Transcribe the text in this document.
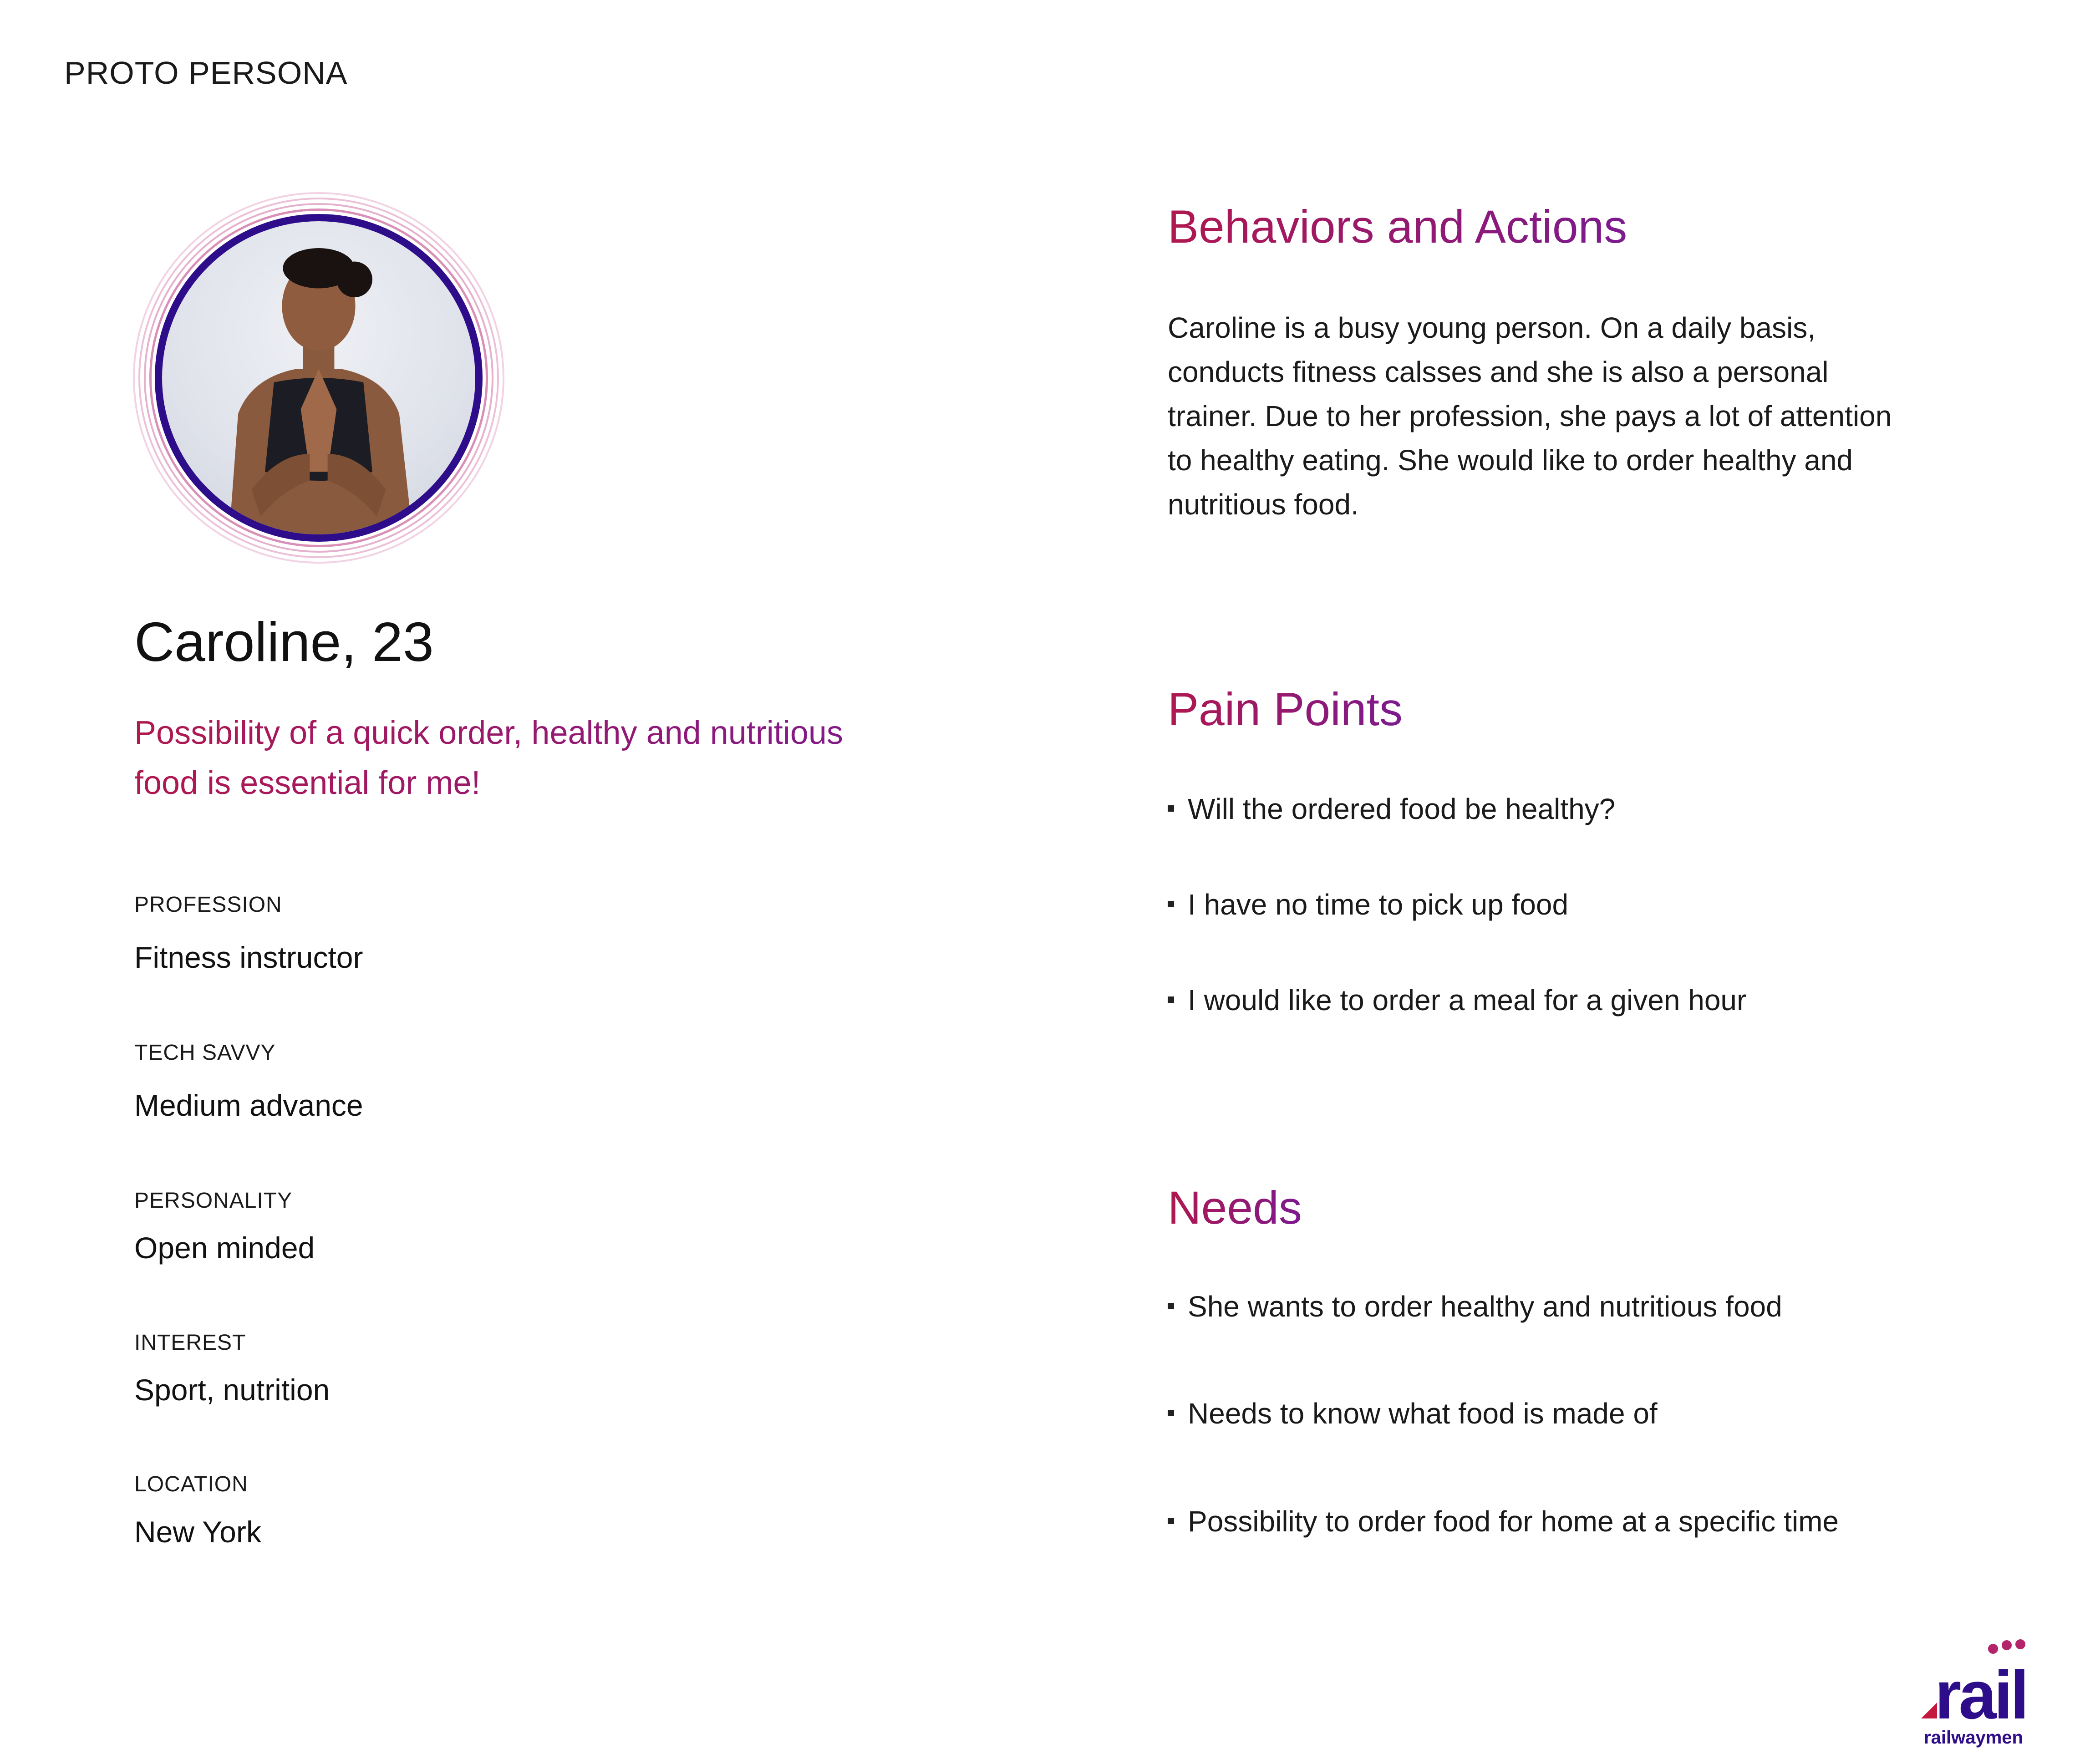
PROTO PERSONA
Caroline, 23
Possibility of a quick order, healthy and nutritious
food is essential for me!
PROFESSION
Fitness instructor
TECH SAVVY
Medium advance
PERSONALITY
Open minded
INTEREST
Sport, nutrition
LOCATION
New York
Behaviors and Actions
Caroline is a busy young person. On a daily basis,
conducts fitness calsses and she is also a personal
trainer. Due to her profession, she pays a lot of attention
to healthy eating. She would like to order healthy and
nutritious food.
Pain Points
Will the ordered food be healthy?
I have no time to pick up food
I would like to order a meal for a given hour
Needs
She wants to order healthy and nutritious food
Needs to know what food is made of
Possibility to order food for home at a specific time
rail
railwaymen
